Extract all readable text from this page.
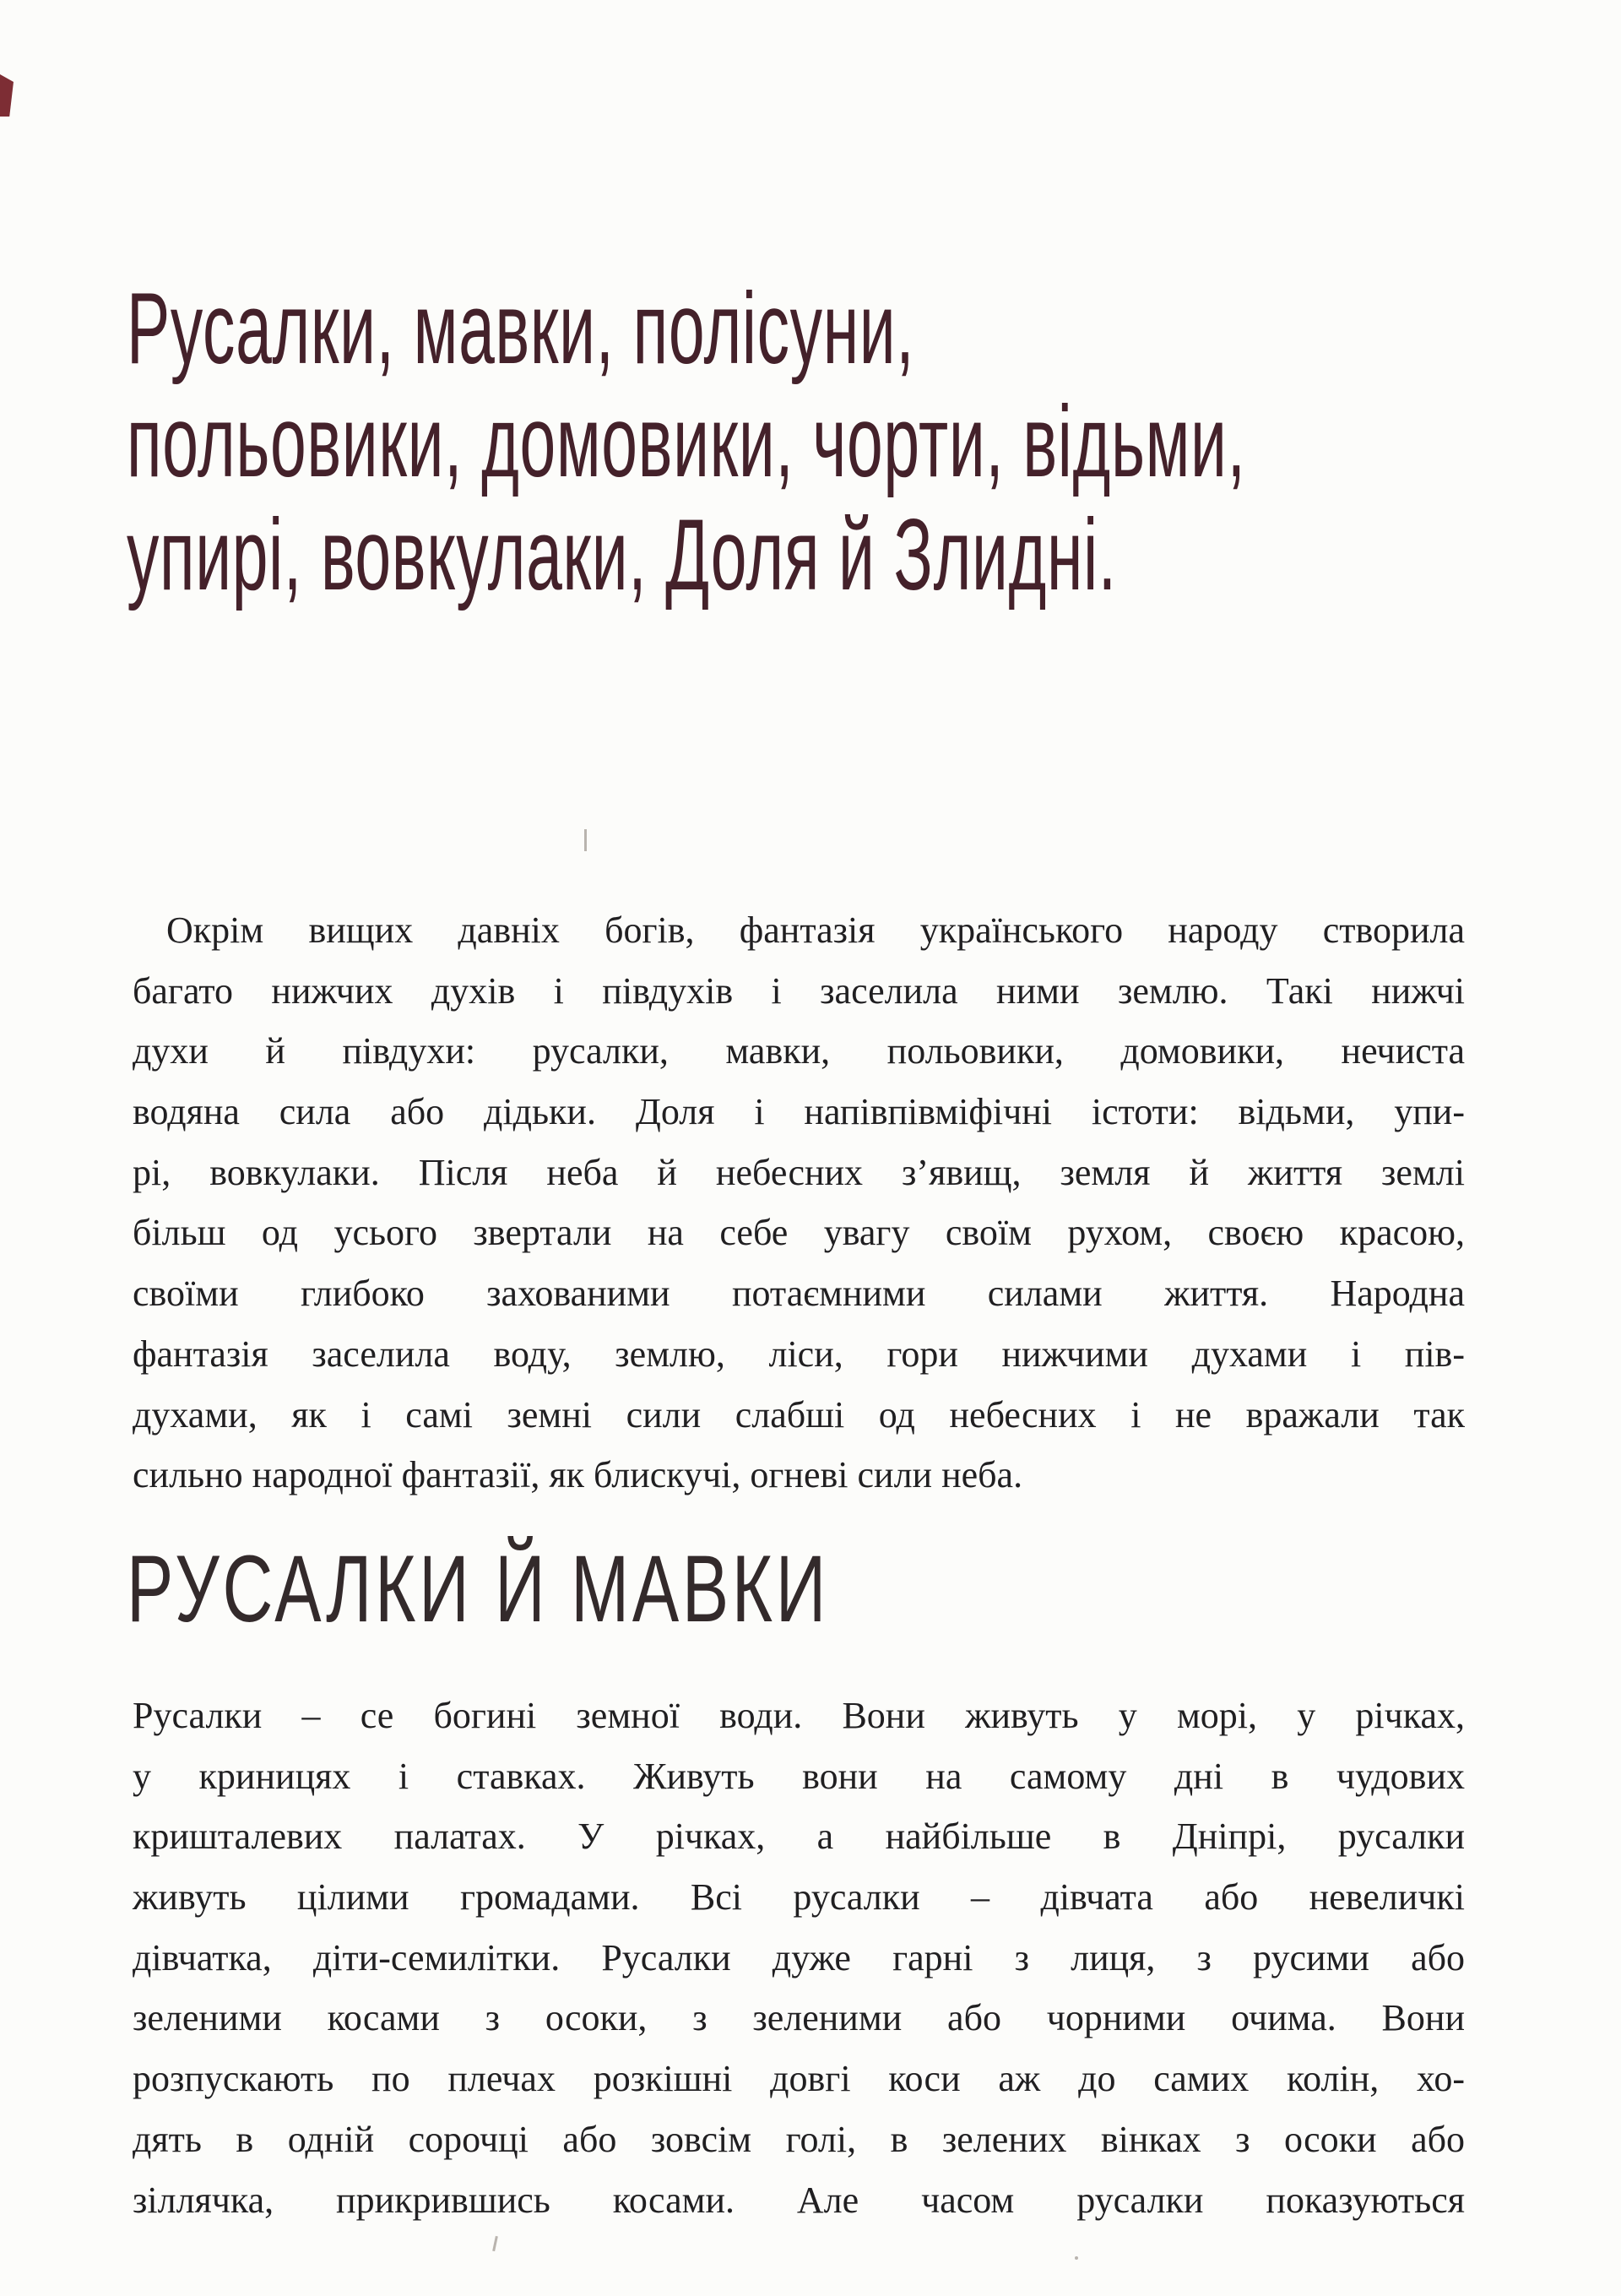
Русалки, мавки, полісуни,
польовики, домовики, чорти, відьми,
упирі, вовкулаки, Доля й Злидні.
Окрім вищих давніх богів, фантазія українського народу створила
багато нижчих духів і півдухів і заселила ними землю. Такі нижчі
духи й півдухи: русалки, мавки, польовики, домовики, нечиста
водяна сила або дідьки. Доля і напівпівміфічні істоти: відьми, упи-
рі, вовкулаки. Після неба й небесних з’явищ, земля й життя землі
більш од усього звертали на себе увагу своїм рухом, своєю красою,
своїми глибоко захованими потаємними силами життя. Народна
фантазія заселила воду, землю, ліси, гори нижчими духами і пів-
духами, як і самі земні сили слабші од небесних і не вражали так
сильно народної фантазії, як блискучі, огневі сили неба.
РУСАЛКИ Й МАВКИ
Русалки – се богині земної води. Вони живуть у морі, у річках,
у криницях і ставках. Живуть вони на самому дні в чудових
кришталевих палатах. У річках, а найбільше в Дніпрі, русалки
живуть цілими громадами. Всі русалки – дівчата або невеличкі
дівчатка, діти-семилітки. Русалки дуже гарні з лиця, з русими або
зеленими косами з осоки, з зеленими або чорними очима. Вони
розпускають по плечах розкішні довгі коси аж до самих колін, хо-
дять в одній сорочці або зовсім голі, в зелених вінках з осоки або
зіллячка, прикрившись косами. Але часом русалки показуються
